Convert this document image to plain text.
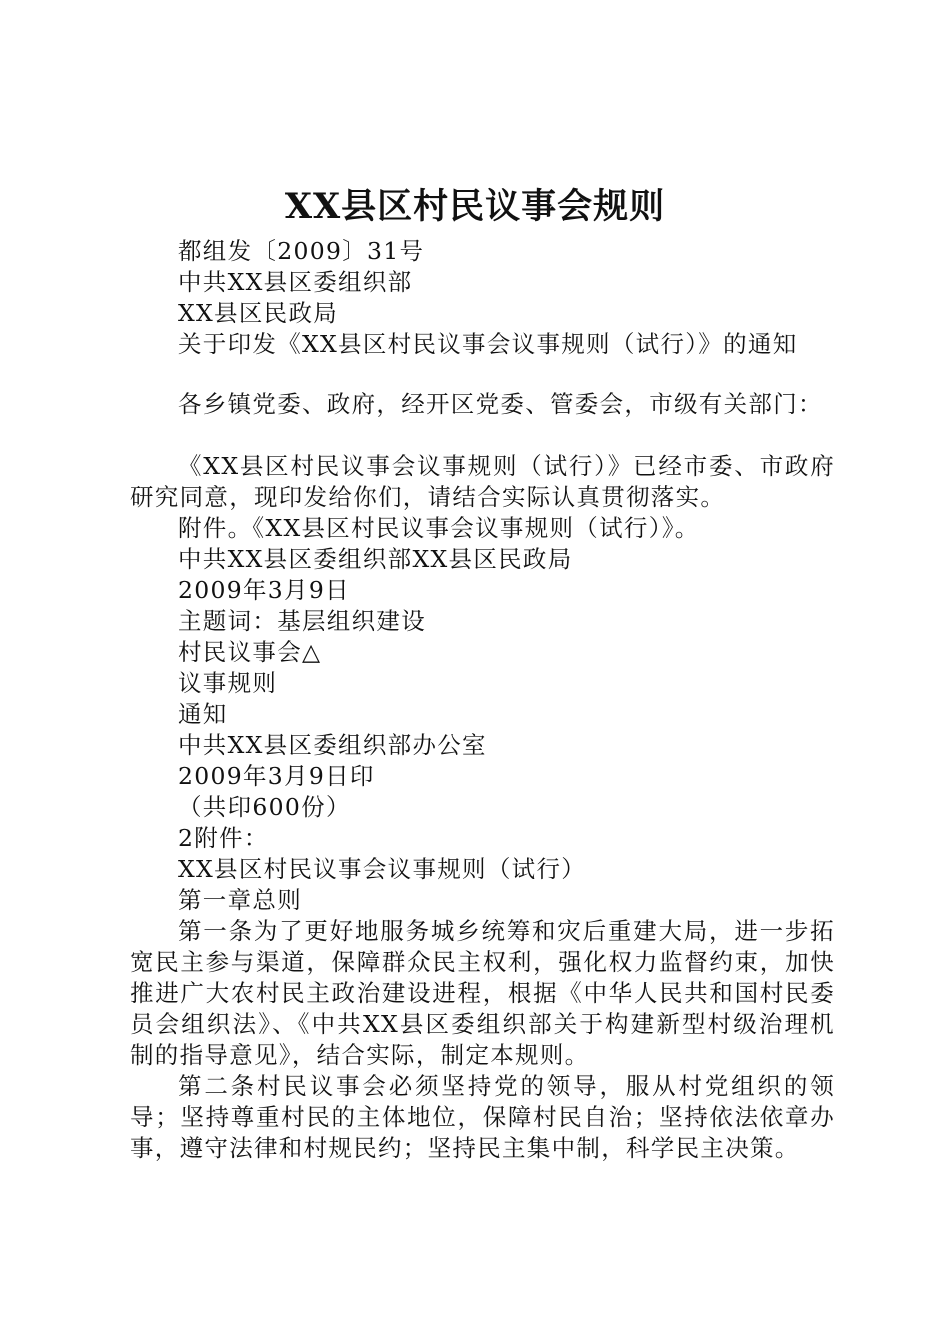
XX县区村民议事会规则

都组发〔2009〕31号

中共XX县区委组织部

XX县区民政局

关于印发《XX县区村民议事会议事规则（试行）》的通知

各乡镇党委、政府，经开区党委、管委会，市级有关部门：

《XX县区村民议事会议事规则（试行）》已经市委、市政府研究同意，现印发给你们，请结合实际认真贯彻落实。

附件。《XX县区村民议事会议事规则（试行）》。

中共XX县区委组织部XX县区民政局

2009年3月9日

主题词：基层组织建设

村民议事会△

议事规则

通知

中共XX县区委组织部办公室

2009年3月9日印

（共印600份）

2附件：

XX县区村民议事会议事规则（试行）

第一章总则

第一条为了更好地服务城乡统筹和灾后重建大局，进一步拓宽民主参与渠道，保障群众民主权利，强化权力监督约束，加快推进广大农村民主政治建设进程，根据《中华人民共和国村民委员会组织法》、《中共XX县区委组织部关于构建新型村级治理机制的指导意见》，结合实际，制定本规则。

第二条村民议事会必须坚持党的领导，服从村党组织的领导；坚持尊重村民的主体地位，保障村民自治；坚持依法依章办事，遵守法律和村规民约；坚持民主集中制，科学民主决策。
